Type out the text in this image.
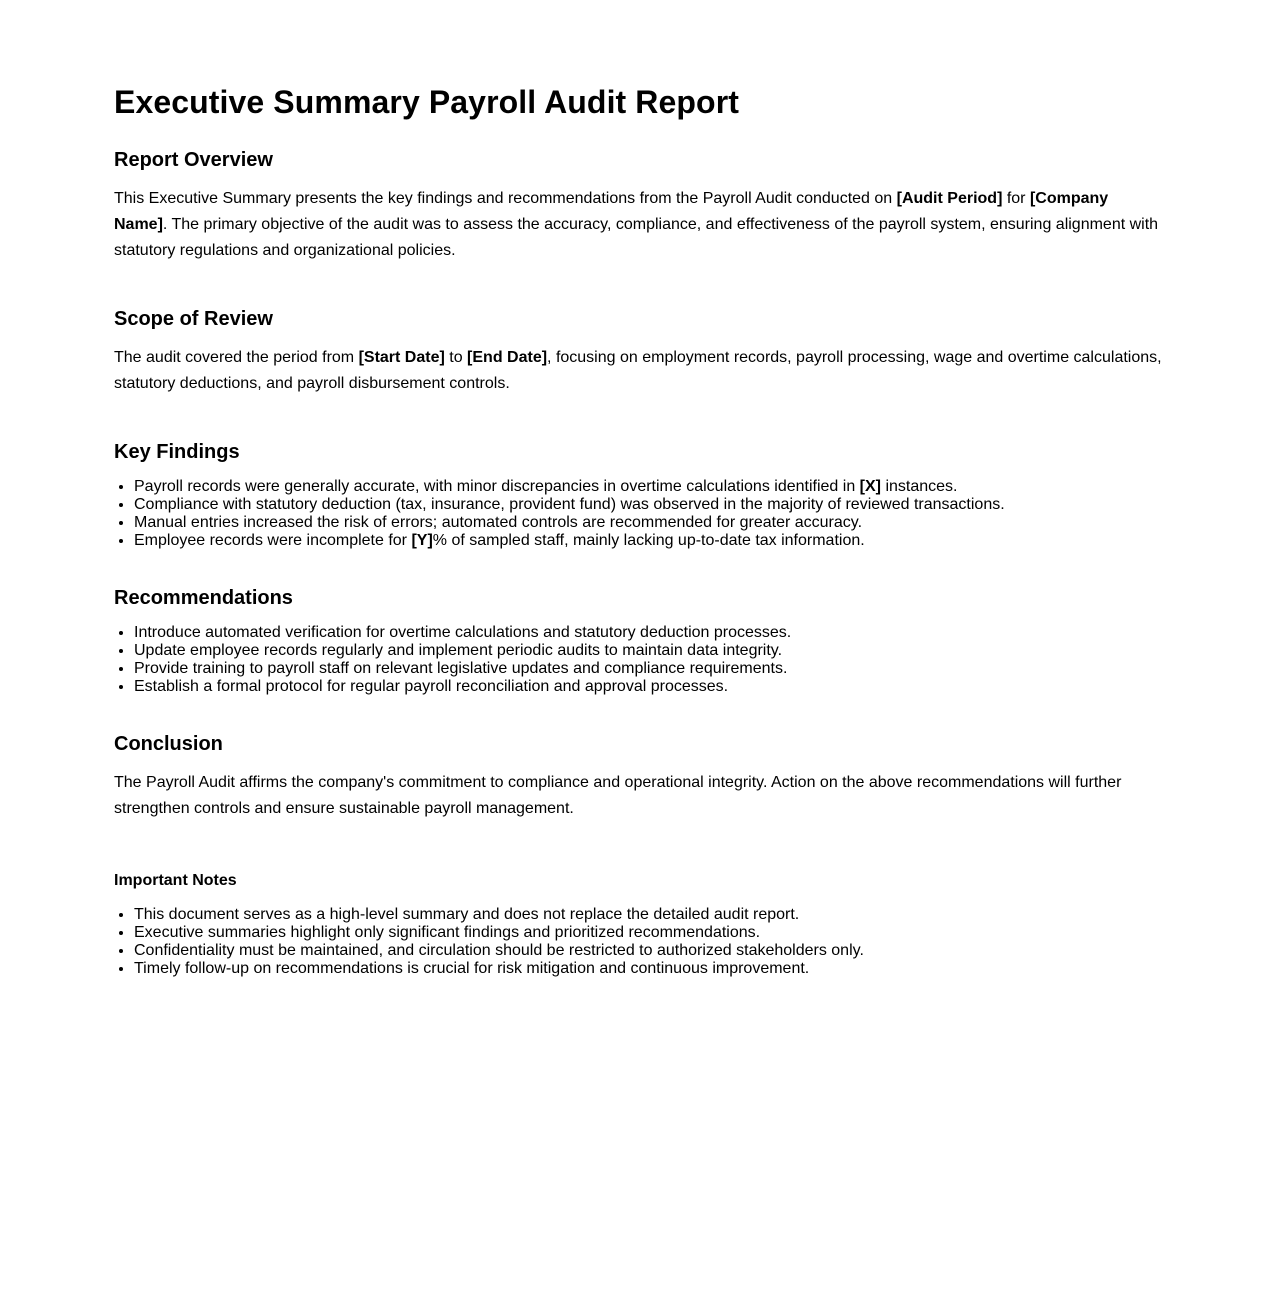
Executive Summary Payroll Audit Report
Report Overview

This Executive Summary presents the key findings and recommendations from the Payroll Audit conducted on [Audit Period] for [Company Name]. The primary objective of the audit was to assess the accuracy, compliance, and effectiveness of the payroll system, ensuring alignment with statutory regulations and organizational policies.

Scope of Review

The audit covered the period from [Start Date] to [End Date], focusing on employment records, payroll processing, wage and overtime calculations, statutory deductions, and payroll disbursement controls.

Key Findings
• Payroll records were generally accurate, with minor discrepancies in overtime calculations identified in [X] instances.
• Compliance with statutory deduction (tax, insurance, provident fund) was observed in the majority of reviewed transactions.
• Manual entries increased the risk of errors; automated controls are recommended for greater accuracy.
• Employee records were incomplete for [Y]% of sampled staff, mainly lacking up-to-date tax information.
Recommendations
• Introduce automated verification for overtime calculations and statutory deduction processes.
• Update employee records regularly and implement periodic audits to maintain data integrity.
• Provide training to payroll staff on relevant legislative updates and compliance requirements.
• Establish a formal protocol for regular payroll reconciliation and approval processes.
Conclusion

The Payroll Audit affirms the company's commitment to compliance and operational integrity. Action on the above recommendations will further strengthen controls and ensure sustainable payroll management.

Important Notes
• This document serves as a high-level summary and does not replace the detailed audit report.
• Executive summaries highlight only significant findings and prioritized recommendations.
• Confidentiality must be maintained, and circulation should be restricted to authorized stakeholders only.
• Timely follow-up on recommendations is crucial for risk mitigation and continuous improvement.
